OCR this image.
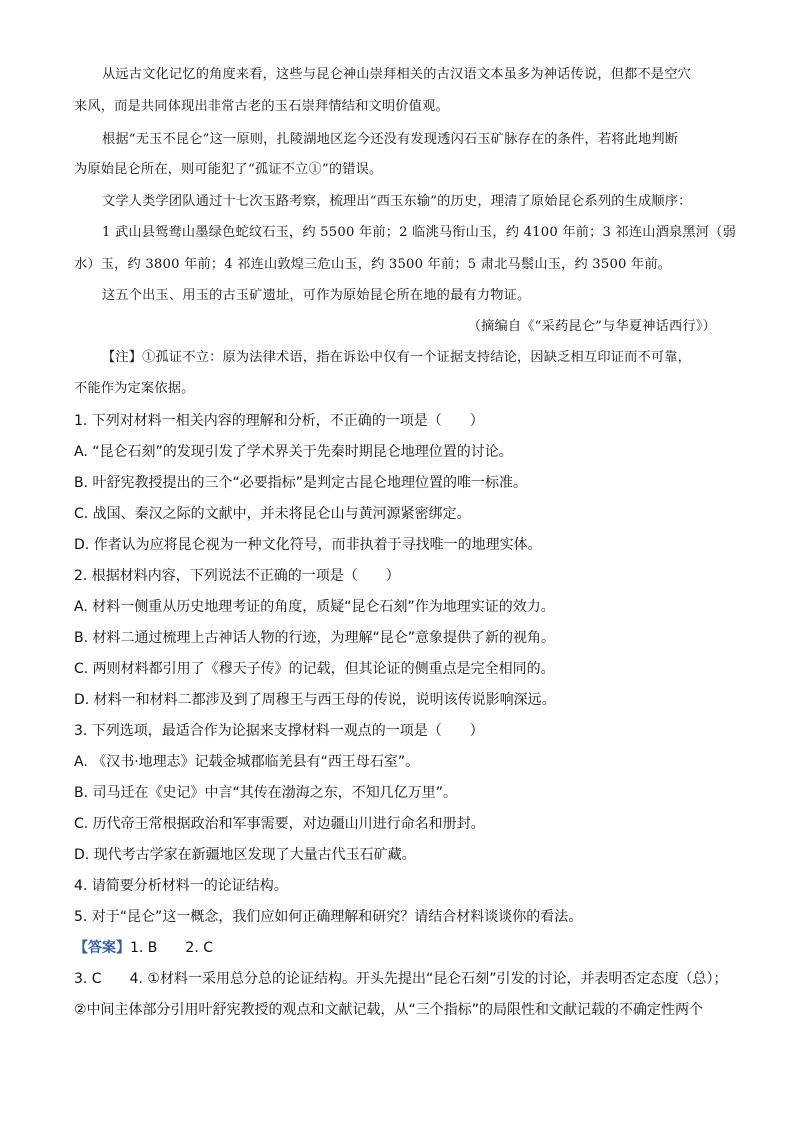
从远古文化记忆的角度来看，这些与昆仑神山崇拜相关的古汉语文本虽多为神话传说，但都不是空穴
来风，而是共同体现出非常古老的玉石崇拜情结和文明价值观。
根据“无玉不昆仑”这一原则，扎陵湖地区迄今还没有发现透闪石玉矿脉存在的条件，若将此地判断
为原始昆仑所在，则可能犯了“孤证不立①”的错误。
文学人类学团队通过十七次玉路考察，梳理出“西玉东输”的历史，理清了原始昆仑系列的生成顺序：
1 武山县鸳鸯山墨绿色蛇纹石玉，约 5500 年前；2 临洮马衔山玉，约 4100 年前；3 祁连山酒泉黑河（弱
水）玉，约 3800 年前；4 祁连山敦煌三危山玉，约 3500 年前；5 肃北马鬃山玉，约 3500 年前。
这五个出玉、用玉的古玉矿遗址，可作为原始昆仑所在地的最有力物证。
（摘编自《“采药昆仑”与华夏神话西行》）
【注】①孤证不立：原为法律术语，指在诉讼中仅有一个证据支持结论，因缺乏相互印证而不可靠，
不能作为定案依据。
1. 下列对材料一相关内容的理解和分析，不正确的一项是（　　）
A. “昆仑石刻”的发现引发了学术界关于先秦时期昆仑地理位置的讨论。
B. 叶舒宪教授提出的三个“必要指标”是判定古昆仑地理位置的唯一标准。
C. 战国、秦汉之际的文献中，并未将昆仑山与黄河源紧密绑定。
D. 作者认为应将昆仑视为一种文化符号，而非执着于寻找唯一的地理实体。
2. 根据材料内容，下列说法不正确的一项是（　　）
A. 材料一侧重从历史地理考证的角度，质疑“昆仑石刻”作为地理实证的效力。
B. 材料二通过梳理上古神话人物的行迹，为理解“昆仑”意象提供了新的视角。
C. 两则材料都引用了《穆天子传》的记载，但其论证的侧重点是完全相同的。
D. 材料一和材料二都涉及到了周穆王与西王母的传说，说明该传说影响深远。
3. 下列选项，最适合作为论据来支撑材料一观点的一项是（　　）
A. 《汉书·地理志》记载金城郡临羌县有“西王母石室”。
B. 司马迁在《史记》中言“其传在渤海之东，不知几亿万里”。
C. 历代帝王常根据政治和军事需要，对边疆山川进行命名和册封。
D. 现代考古学家在新疆地区发现了大量古代玉石矿藏。
4. 请简要分析材料一的论证结构。
5. 对于“昆仑”这一概念，我们应如何正确理解和研究？请结合材料谈谈你的看法。
【答案】1. B　　2. C
3. C　　4. ①材料一采用总分总的论证结构。开头先提出“昆仑石刻”引发的讨论，并表明否定态度（总）；
②中间主体部分引用叶舒宪教授的观点和文献记载，从“三个指标”的局限性和文献记载的不确定性两个
